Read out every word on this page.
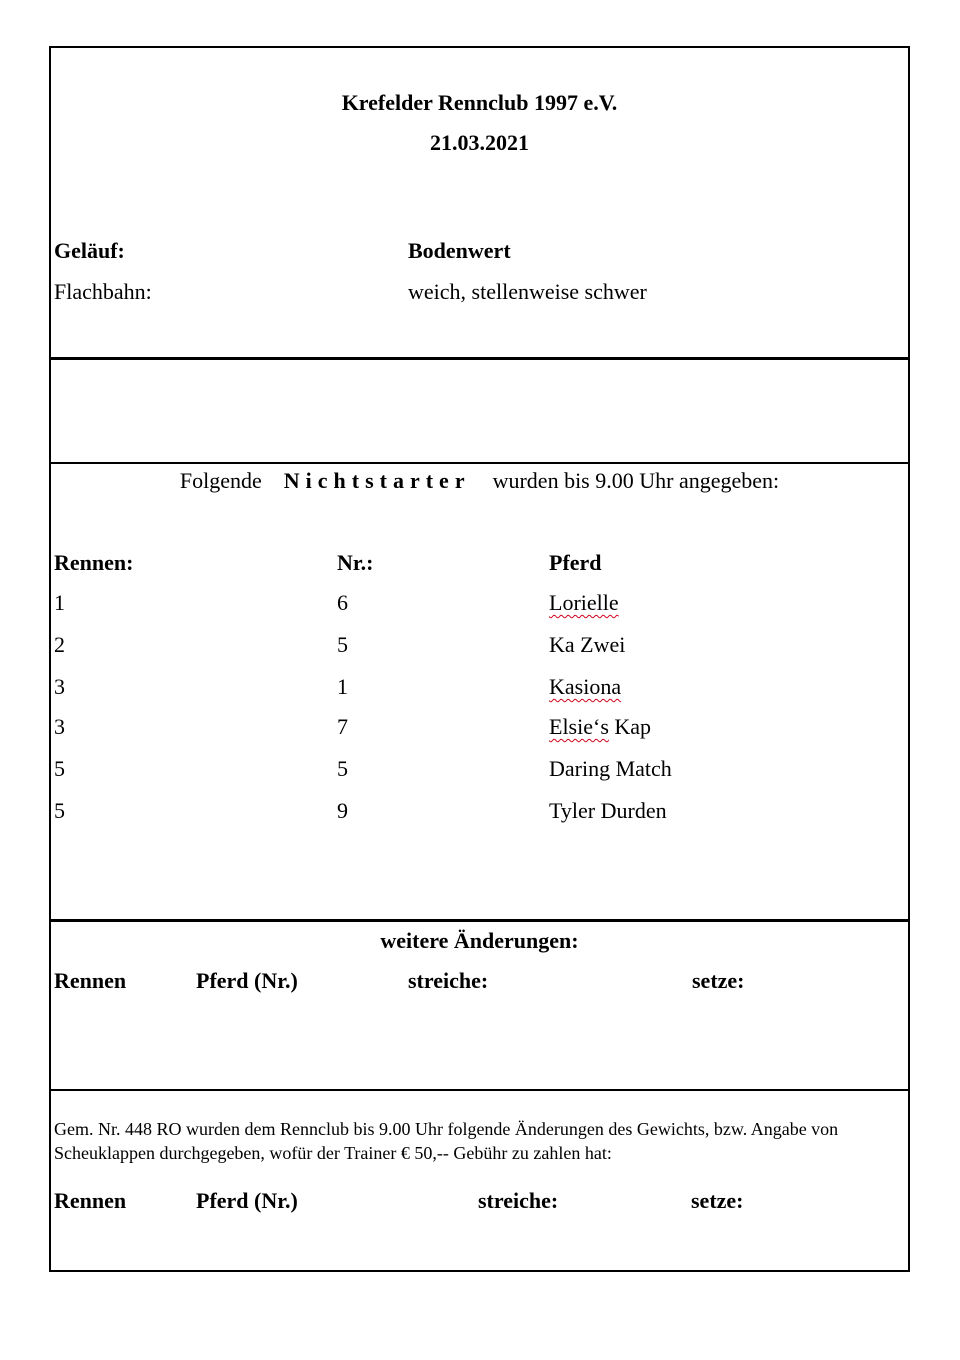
Krefelder Rennclub 1997 e.V.
21.03.2021
Geläuf:	Bodenwert
Flachbahn:	weich, stellenweise schwer
Folgende Nichtstarter wurden bis 9.00 Uhr angegeben:
Rennen:	Nr.:	Pferd
1	6	Lorielle
2	5	Ka Zwei
3	1	Kasiona
3	7	Elsie‘s Kap
5	5	Daring Match
5	9	Tyler Durden
weitere Änderungen:
Rennen	Pferd (Nr.)	streiche:	setze:
Gem. Nr. 448 RO wurden dem Rennclub bis 9.00 Uhr folgende Änderungen des Gewichts, bzw. Angabe von Scheuklappen durchgegeben, wofür der Trainer € 50,-- Gebühr zu zahlen hat:
Rennen	Pferd (Nr.)	streiche:	setze:
